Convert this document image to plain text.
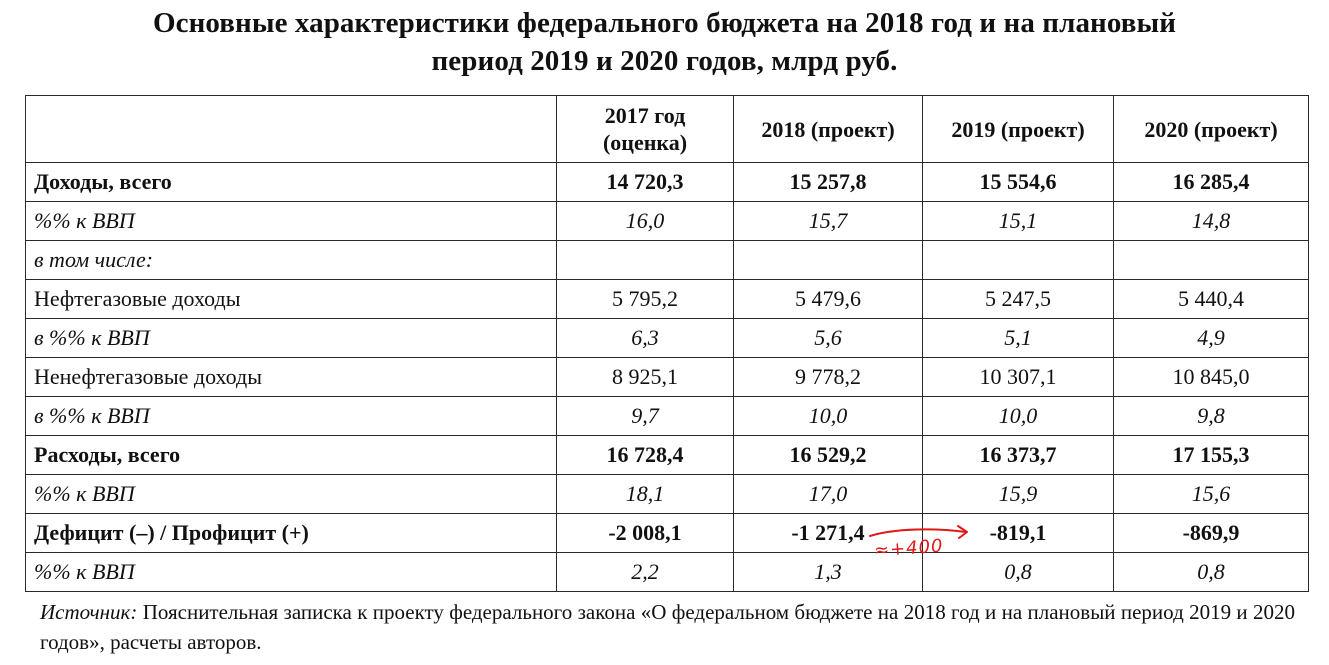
Основные характеристики федерального бюджета на 2018 год и на плановый
период 2019 и 2020 годов, млрд руб.
	2017 год (оценка)	2018 (проект)	2019 (проект)	2020 (проект)
Доходы, всего	14 720,3	15 257,8	15 554,6	16 285,4
%% к ВВП	16,0	15,7	15,1	14,8
в том числе:				
Нефтегазовые доходы	5 795,2	5 479,6	5 247,5	5 440,4
в %% к ВВП	6,3	5,6	5,1	4,9
Ненефтегазовые доходы	8 925,1	9 778,2	10 307,1	10 845,0
в %% к ВВП	9,7	10,0	10,0	9,8
Расходы, всего	16 728,4	16 529,2	16 373,7	17 155,3
%% к ВВП	18,1	17,0	15,9	15,6
Дефицит (–) / Профицит (+)	-2 008,1	-1 271,4	-819,1	-869,9
%% к ВВП	2,2	1,3	0,8	0,8
≈+400
Источник: Пояснительная записка к проекту федерального закона «О федеральном бюджете на 2018 год и на плановый период 2019 и 2020 годов», расчеты авторов.
